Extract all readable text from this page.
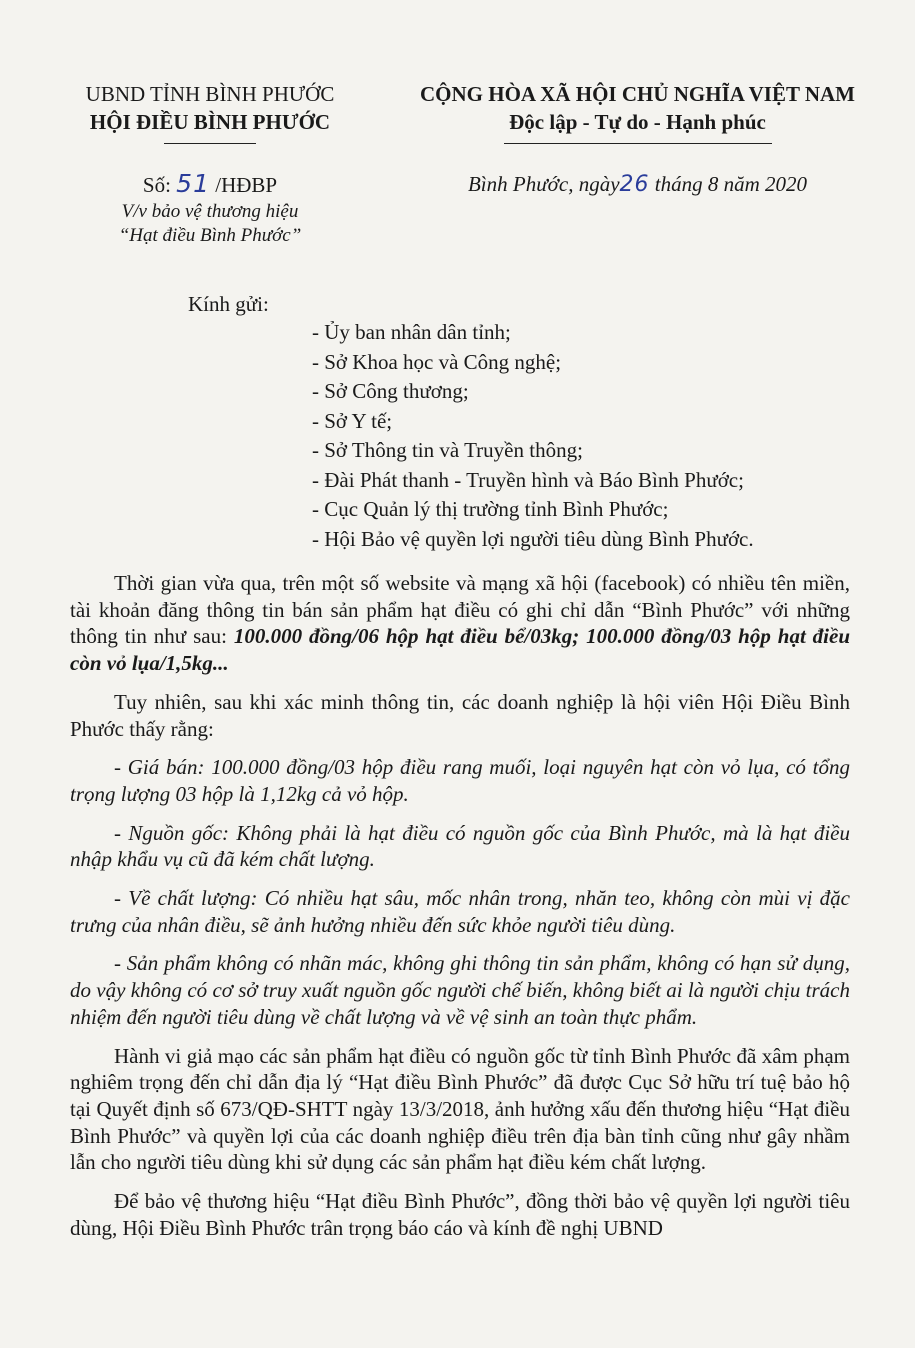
UBND TỈNH BÌNH PHƯỚC
HỘI ĐIỀU BÌNH PHƯỚC
CỘNG HÒA XÃ HỘI CHỦ NGHĨA VIỆT NAM
Độc lập - Tự do - Hạnh phúc
Số: 51 /HĐBP
V/v bảo vệ thương hiệu
“Hạt điều Bình Phước”
Bình Phước, ngày26 tháng 8 năm 2020
Kính gửi:
- Ủy ban nhân dân tỉnh;
- Sở Khoa học và Công nghệ;
- Sở Công thương;
- Sở Y tế;
- Sở Thông tin và Truyền thông;
- Đài Phát thanh - Truyền hình và Báo Bình Phước;
- Cục Quản lý thị trường tỉnh Bình Phước;
- Hội Bảo vệ quyền lợi người tiêu dùng Bình Phước.

Thời gian vừa qua, trên một số website và mạng xã hội (facebook) có nhiều tên miền, tài khoản đăng thông tin bán sản phẩm hạt điều có ghi chỉ dẫn “Bình Phước” với những thông tin như sau: 100.000 đồng/06 hộp hạt điều bể/03kg; 100.000 đồng/03 hộp hạt điều còn vỏ lụa/1,5kg...

Tuy nhiên, sau khi xác minh thông tin, các doanh nghiệp là hội viên Hội Điều Bình Phước thấy rằng:

- Giá bán: 100.000 đồng/03 hộp điều rang muối, loại nguyên hạt còn vỏ lụa, có tổng trọng lượng 03 hộp là 1,12kg cả vỏ hộp.

- Nguồn gốc: Không phải là hạt điều có nguồn gốc của Bình Phước, mà là hạt điều nhập khẩu vụ cũ đã kém chất lượng.

- Về chất lượng: Có nhiều hạt sâu, mốc nhân trong, nhăn teo, không còn mùi vị đặc trưng của nhân điều, sẽ ảnh hưởng nhiều đến sức khỏe người tiêu dùng.

- Sản phẩm không có nhãn mác, không ghi thông tin sản phẩm, không có hạn sử dụng, do vậy không có cơ sở truy xuất nguồn gốc người chế biến, không biết ai là người chịu trách nhiệm đến người tiêu dùng về chất lượng và về vệ sinh an toàn thực phẩm.

Hành vi giả mạo các sản phẩm hạt điều có nguồn gốc từ tỉnh Bình Phước đã xâm phạm nghiêm trọng đến chỉ dẫn địa lý “Hạt điều Bình Phước” đã được Cục Sở hữu trí tuệ bảo hộ tại Quyết định số 673/QĐ-SHTT ngày 13/3/2018, ảnh hưởng xấu đến thương hiệu “Hạt điều Bình Phước” và quyền lợi của các doanh nghiệp điều trên địa bàn tỉnh cũng như gây nhầm lẫn cho người tiêu dùng khi sử dụng các sản phẩm hạt điều kém chất lượng.

Để bảo vệ thương hiệu “Hạt điều Bình Phước”, đồng thời bảo vệ quyền lợi người tiêu dùng, Hội Điều Bình Phước trân trọng báo cáo và kính đề nghị UBND
